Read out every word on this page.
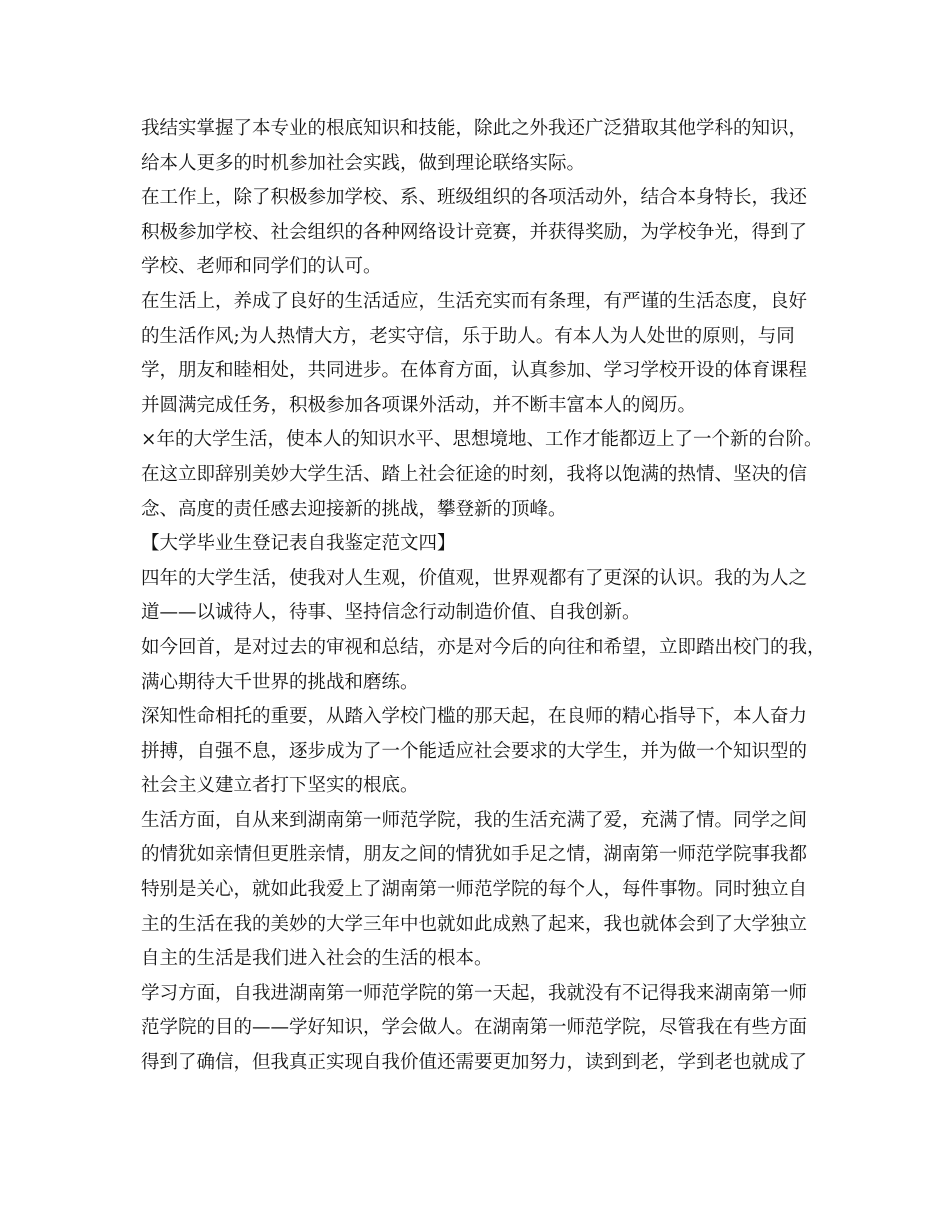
我结实掌握了本专业的根底知识和技能，除此之外我还广泛猎取其他学科的知识，
给本人更多的时机参加社会实践，做到理论联络实际。
在工作上，除了积极参加学校、系、班级组织的各项活动外，结合本身特长，我还
积极参加学校、社会组织的各种网络设计竞赛，并获得奖励，为学校争光，得到了
学校、老师和同学们的认可。
在生活上，养成了良好的生活适应，生活充实而有条理，有严谨的生活态度，良好
的生活作风;为人热情大方，老实守信，乐于助人。有本人为人处世的原则，与同
学，朋友和睦相处，共同进步。在体育方面，认真参加、学习学校开设的体育课程
并圆满完成任务，积极参加各项课外活动，并不断丰富本人的阅历。
×年的大学生活，使本人的知识水平、思想境地、工作才能都迈上了一个新的台阶。
在这立即辞别美妙大学生活、踏上社会征途的时刻，我将以饱满的热情、坚决的信
念、高度的责任感去迎接新的挑战，攀登新的顶峰。
【大学毕业生登记表自我鉴定范文四】
四年的大学生活，使我对人生观，价值观，世界观都有了更深的认识。我的为人之
道——以诚待人，待事、坚持信念行动制造价值、自我创新。
如今回首，是对过去的审视和总结，亦是对今后的向往和希望，立即踏出校门的我，
满心期待大千世界的挑战和磨练。
深知性命相托的重要，从踏入学校门槛的那天起，在良师的精心指导下，本人奋力
拼搏，自强不息，逐步成为了一个能适应社会要求的大学生，并为做一个知识型的
社会主义建立者打下坚实的根底。
生活方面，自从来到湖南第一师范学院，我的生活充满了爱，充满了情。同学之间
的情犹如亲情但更胜亲情，朋友之间的情犹如手足之情，湖南第一师范学院事我都
特别是关心，就如此我爱上了湖南第一师范学院的每个人，每件事物。同时独立自
主的生活在我的美妙的大学三年中也就如此成熟了起来，我也就体会到了大学独立
自主的生活是我们进入社会的生活的根本。
学习方面，自我进湖南第一师范学院的第一天起，我就没有不记得我来湖南第一师
范学院的目的——学好知识，学会做人。在湖南第一师范学院，尽管我在有些方面
得到了确信，但我真正实现自我价值还需要更加努力，读到到老，学到老也就成了
